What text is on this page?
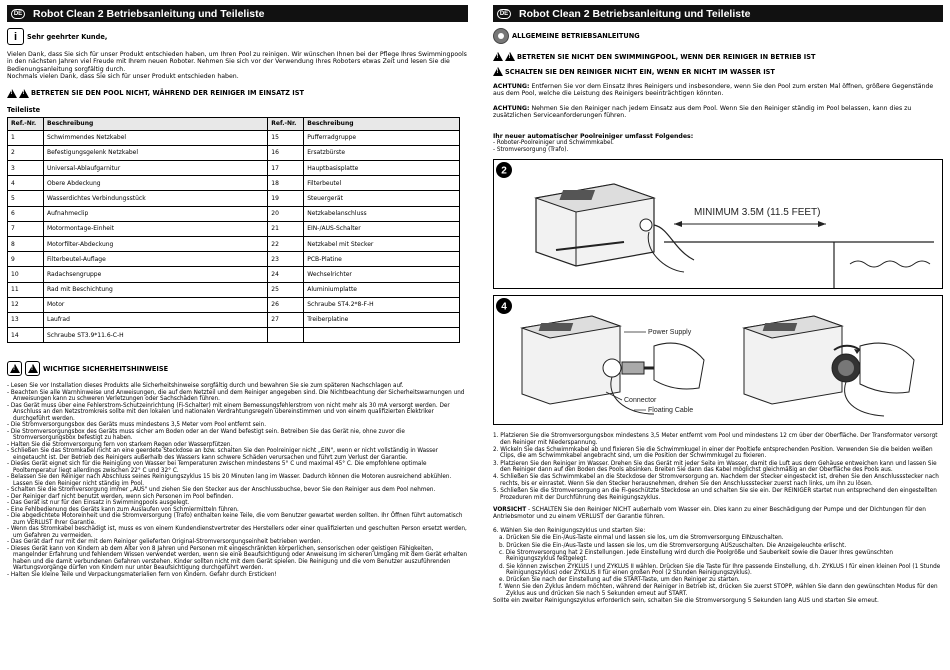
DE Robot Clean 2 Betriebsanleitung und Teileliste
i	Sehr geehrter Kunde,

Vielen Dank, dass Sie sich für unser Produkt entschieden haben, um Ihren Pool zu reinigen. Wir wünschen Ihnen bei der Pflege Ihres Swimmingpools in den nächsten Jahren viel Freude mit Ihrem neuen Roboter. Nehmen Sie sich vor der Verwendung Ihres Roboters etwas Zeit und lesen Sie die Bedienungsanleitung sorgfältig durch.

Nochmals vielen Dank, dass Sie sich für unser Produkt entschieden haben.

!
!
BETRETEN SIE DEN POOL NICHT, WÄHREND DER REINIGER IM EINSATZ IST
Teileliste
Ref.-Nr.	Beschreibung	Ref.-Nr.	Beschreibung
1	Schwimmendes Netzkabel	15	Pufferradgruppe
2	Befestigungsgelenk Netzkabel	16	Ersatzbürste
3	Universal-Ablaufgarnitur	17	Hauptbasisplatte
4	Obere Abdeckung	18	Filterbeutel
5	Wasserdichtes Verbindungsstück	19	Steuergerät
6	Aufnahmeclip	20	Netzkabelanschluss
7	Motormontage-Einheit	21	EIN-/AUS-Schalter
8	Motorfilter-Abdeckung	22	Netzkabel mit Stecker
9	Filterbeutel-Auflage	23	PCB-Platine
10	Radachsengruppe	24	Wechselrichter
11	Rad mit Beschichtung	25	Aluminiumplatte
12	Motor	26	Schraube ST4.2*8-F-H
13	Laufrad	27	Treiberplatine
14	Schraube ST3.9*11.6-C-H		
!
!
WICHTIGE SICHERHEITSHINWEISE
- Lesen Sie vor Installation dieses Produkts alle Sicherheitshinweise sorgfältig durch und bewahren Sie sie zum späteren Nachschlagen auf.
- Beachten Sie alle Warnhinweise und Anweisungen, die auf dem Netzteil und dem Reiniger angegeben sind. Die Nichtbeachtung der Sicherheitswarnungen und Anweisungen kann zu schweren Verletzungen oder Sachschäden führen.
- Das Gerät muss über eine Fehlerstrom-Schutzeinrichtung (Fi-Schalter) mit einem Bemessungsfehlerstrom von nicht mehr als 30 mA versorgt werden. Der Anschluss an den Netzstromkreis sollte mit den lokalen und nationalen Verdrahtungsregeln übereinstimmen und von einem qualifizierten Elektriker durchgeführt werden.
- Die Stromversorgungsbox des Geräts muss mindestens 3,5 Meter vom Pool entfernt sein.
- Die Stromversorgungsbox des Geräts muss sicher am Boden oder an der Wand befestigt sein. Betreiben Sie das Gerät nie, ohne zuvor die Stromversorgungsbox befestigt zu haben.
- Halten Sie die Stromversorgung fern von starkem Regen oder Wasserpfützen.
- Schließen Sie das Stromkabel nicht an eine geerdete Steckdose an bzw. schalten Sie den Poolreiniger nicht „EIN", wenn er nicht vollständig in Wasser eingetaucht ist. Der Betrieb des Reinigers außerhalb des Wassers kann schwere Schäden verursachen und führt zum Verlust der Garantie.
- Dieses Gerät eignet sich für die Reinigung von Wasser bei Temperaturen zwischen mindestens 5° C und maximal 45° C. Die empfohlene optimale Pooltemperatur liegt allerdings zwischen 22° C und 32° C.
- Belassen Sie den Reiniger nach Abschluss seines Reinigungszyklus 15 bis 20 Minuten lang im Wasser. Dadurch können die Motoren ausreichend abkühlen. Lassen Sie den Reiniger nicht ständig im Pool.
- Schalten Sie die Stromversorgung immer „AUS" und ziehen Sie den Stecker aus der Anschlussbuchse, bevor Sie den Reiniger aus dem Pool nehmen.
- Der Reiniger darf nicht benutzt werden, wenn sich Personen im Pool befinden.
- Das Gerät ist nur für den Einsatz in Swimmingpools ausgelegt.
- Eine Fehlbedienung des Geräts kann zum Auslaufen von Schmiermitteln führen.
- Die abgedichtete Motoreinheit und die Stromversorgung (Trafo) enthalten keine Teile, die vom Benutzer gewartet werden sollten. Ihr Öffnen führt automatisch zum VERLUST Ihrer Garantie.
- Wenn das Stromkabel beschädigt ist, muss es von einem Kundendienstvertreter des Herstellers oder einer qualifizierten und geschulten Person ersetzt werden, um Gefahren zu vermeiden.
- Das Gerät darf nur mit der mit dem Reiniger gelieferten Original-Stromversorgungseinheit betrieben werden.
- Dieses Gerät kann von Kindern ab dem Alter von 8 Jahren und Personen mit eingeschränkten körperlichen, sensorischen oder geistigen Fähigkeiten, mangelnder Erfahrung und fehlendem Wissen verwendet werden, wenn sie eine Beaufsichtigung oder Anweisung im sicheren Umgang mit dem Gerät erhalten haben und die damit verbundenen Gefahren verstehen. Kinder sollten nicht mit dem Gerät spielen. Die Reinigung und die vom Benutzer auszuführenden Wartungsvorgänge dürfen von Kindern nur unter Beaufsichtigung durchgeführt werden.
- Halten Sie kleine Teile und Verpackungsmaterialien fern von Kindern. Gefahr durch Ersticken!
DE Robot Clean 2 Betriebsanleitung und Teileliste
ALLGEMEINE BETRIEBSANLEITUNG
!
!
BETRETEN SIE NICHT DEN SWIMMINGPOOL, WENN DER REINIGER IN BETRIEB IST
!
SCHALTEN SIE DEN REINIGER NICHT EIN, WENN ER NICHT IM WASSER IST

ACHTUNG: Entfernen Sie vor dem Einsatz Ihres Reinigers und insbesondere, wenn Sie den Pool zum ersten Mal öffnen, größere Gegenstände aus dem Pool, welche die Leistung des Reinigers beeinträchtigen könnten.

ACHTUNG: Nehmen Sie den Reiniger nach jedem Einsatz aus dem Pool. Wenn Sie den Reiniger ständig im Pool belassen, kann dies zu zusätzlichen Serviceanforderungen führen.

Ihr neuer automatischer Poolreiniger umfasst Folgendes:

- Roboter-Poolreiniger und Schwimmkabel.
- Stromversorgung (Trafo).
2
MINIMUM 3.5M (11.5 FEET)
4
Power Supply
Connector
Floating Cable
1. Platzieren Sie die Stromversorgungsbox mindestens 3,5 Meter entfernt vom Pool und mindestens 12 cm über der Oberfläche. Der Transformator versorgt den Reiniger mit Niederspannung.
2. Wickeln Sie das Schwimmkabel ab und fixieren Sie die Schwimmkugel in einer der Pooltiefe entsprechenden Position. Verwenden Sie die beiden weißen Clips, die am Schwimmkabel angebracht sind, um die Position der Schwimmkugel zu fixieren.
3. Platzieren Sie den Reiniger im Wasser. Drehen Sie das Gerät mit jeder Seite im Wasser, damit die Luft aus dem Gehäuse entweichen kann und lassen Sie den Reiniger dann auf den Boden des Pools absinken. Breiten Sie dann das Kabel möglichst gleichmäßig an der Oberfläche des Pools aus.
4. Schließen Sie das Schwimmkabel an die Steckdose der Stromversorgung an. Nachdem der Stecker eingesteckt ist, drehen Sie den Anschlussstecker nach rechts, bis er einrastet. Wenn Sie den Stecker herausnehmen, drehen Sie den Anschlussstecker zuerst nach links, um ihn zu lösen.
5. Schließen Sie die Stromversorgung an die Fi-geschützte Steckdose an und schalten Sie sie ein. Der REINIGER startet nun entsprechend den eingestellten Prozeduren mit der Durchführung des Reinigungszyklus.

VORSICHT - SCHALTEN Sie den Reiniger NICHT außerhalb vom Wasser ein. Dies kann zu einer Beschädigung der Pumpe und der Dichtungen für den Antriebsmotor und zu einem VERLUST der Garantie führen.

6. Wählen Sie den Reinigungszyklus und starten Sie:

a. Drücken Sie die Ein-/Aus-Taste einmal und lassen sie los, um die Stromversorgung EINzuschalten.
b. Drücken Sie die Ein-/Aus-Taste und lassen sie los, um die Stromversorgung AUSzuschalten. Die Anzeigeleuchte erlischt.
c. Die Stromversorgung hat 2 Einstellungen. Jede Einstellung wird durch die Poolgröße und Sauberkeit sowie die Dauer Ihres gewünschten Reinigungszyklus festgelegt.
d. Sie können zwischen ZYKLUS I und ZYKLUS II wählen. Drücken Sie die Taste für Ihre passende Einstellung, d.h. ZYKLUS I für einen kleinen Pool (1 Stunde Reinigungszyklus) oder ZYKLUS II für einen großen Pool (2 Stunden Reinigungszyklus).
e. Drücken Sie nach der Einstellung auf die START-Taste, um den Reiniger zu starten.
f. Wenn Sie den Zyklus ändern möchten, während der Reiniger in Betrieb ist, drücken Sie zuerst STOPP, wählen Sie dann den gewünschten Modus für den Zyklus aus und drücken Sie nach 5 Sekunden erneut auf START.

Sollte ein zweiter Reinigungszyklus erforderlich sein, schalten Sie die Stromversorgung 5 Sekunden lang AUS und starten Sie erneut.
